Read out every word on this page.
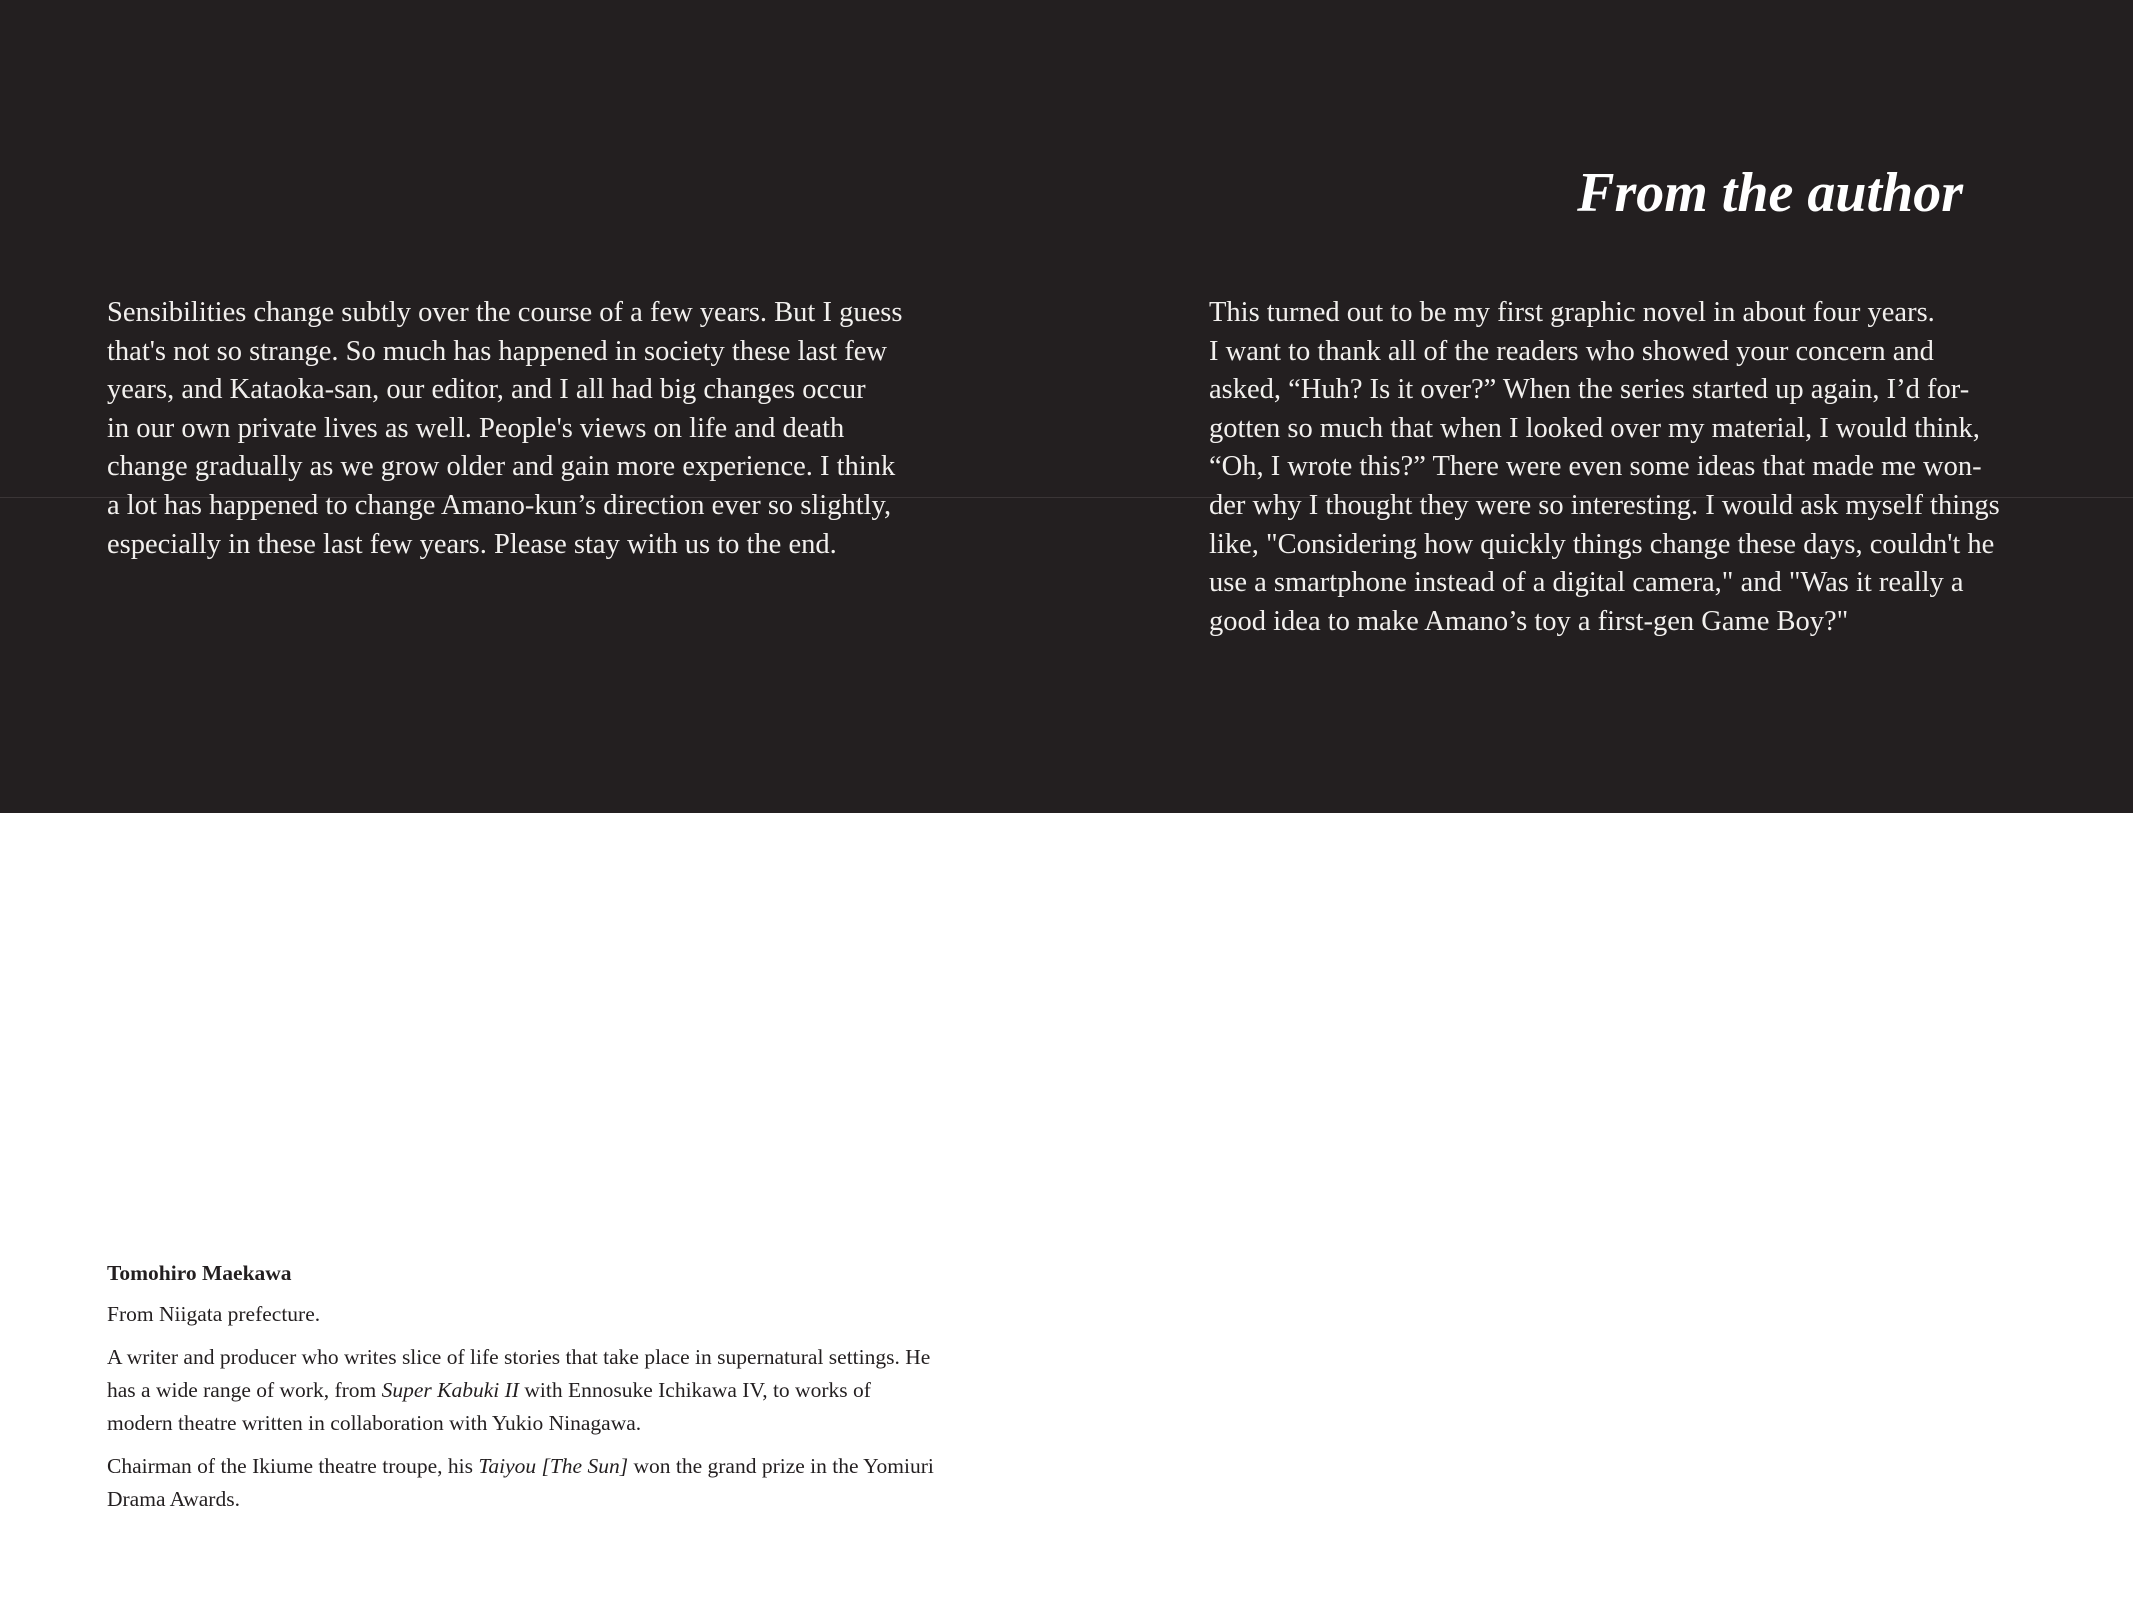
From the author
Sensibilities change subtly over the course of a few years. But I guess
that's not so strange. So much has happened in society these last few
years, and Kataoka-san, our editor, and I all had big changes occur
in our own private lives as well. People's views on life and death
change gradually as we grow older and gain more experience. I think
a lot has happened to change Amano-kun’s direction ever so slightly,
especially in these last few years. Please stay with us to the end.
This turned out to be my first graphic novel in about four years.
I want to thank all of the readers who showed your concern and
asked, “Huh? Is it over?” When the series started up again, I’d for-
gotten so much that when I looked over my material, I would think,
“Oh, I wrote this?” There were even some ideas that made me won-
der why I thought they were so interesting. I would ask myself things
like, "Considering how quickly things change these days, couldn't he
use a smartphone instead of a digital camera," and "Was it really a
good idea to make Amano’s toy a first-gen Game Boy?"
Tomohiro Maekawa

From Niigata prefecture.

A writer and producer who writes slice of life stories that take place in supernatural settings. He has a wide range of work, from Super Kabuki II with Ennosuke Ichikawa IV, to works of modern theatre written in collaboration with Yukio Ninagawa.

Chairman of the Ikiume theatre troupe, his Taiyou [The Sun] won the grand prize in the Yomiuri Drama Awards.
